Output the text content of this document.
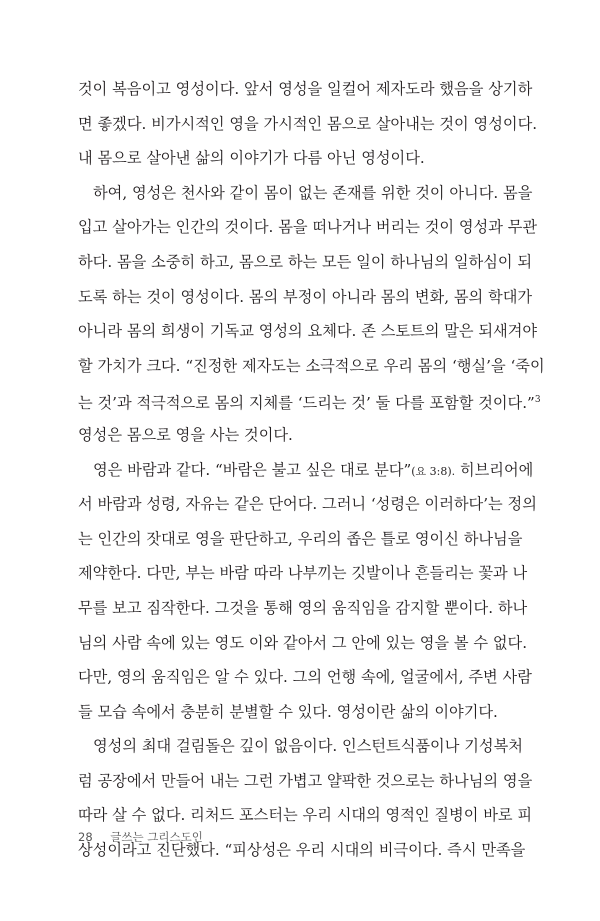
것이 복음이고 영성이다. 앞서 영성을 일컬어 제자도라 했음을 상기하
면 좋겠다. 비가시적인 영을 가시적인 몸으로 살아내는 것이 영성이다.
내 몸으로 살아낸 삶의 이야기가 다름 아닌 영성이다.
하여, 영성은 천사와 같이 몸이 없는 존재를 위한 것이 아니다. 몸을
입고 살아가는 인간의 것이다. 몸을 떠나거나 버리는 것이 영성과 무관
하다. 몸을 소중히 하고, 몸으로 하는 모든 일이 하나님의 일하심이 되
도록 하는 것이 영성이다. 몸의 부정이 아니라 몸의 변화, 몸의 학대가
아니라 몸의 희생이 기독교 영성의 요체다. 존 스토트의 말은 되새겨야
할 가치가 크다. “진정한 제자도는 소극적으로 우리 몸의 ‘행실’을 ‘죽이
는 것’과 적극적으로 몸의 지체를 ‘드리는 것’ 둘 다를 포함할 것이다.”$^3$
영성은 몸으로 영을 사는 것이다.
영은 바람과 같다. “바람은 불고 싶은 대로 분다”(요 3:8). 히브리어에
서 바람과 성령, 자유는 같은 단어다. 그러니 ‘성령은 이러하다’는 정의
는 인간의 잣대로 영을 판단하고, 우리의 좁은 틀로 영이신 하나님을
제약한다. 다만, 부는 바람 따라 나부끼는 깃발이나 흔들리는 꽃과 나
무를 보고 짐작한다. 그것을 통해 영의 움직임을 감지할 뿐이다. 하나
님의 사람 속에 있는 영도 이와 같아서 그 안에 있는 영을 볼 수 없다.
다만, 영의 움직임은 알 수 있다. 그의 언행 속에, 얼굴에서, 주변 사람
들 모습 속에서 충분히 분별할 수 있다. 영성이란 삶의 이야기다.
영성의 최대 걸림돌은 깊이 없음이다. 인스턴트식품이나 기성복처
럼 공장에서 만들어 내는 그런 가볍고 얄팍한 것으로는 하나님의 영을
따라 살 수 없다. 리처드 포스터는 우리 시대의 영적인 질병이 바로 피
상성이라고 진단했다. “피상성은 우리 시대의 비극이다. 즉시 만족을
28 글쓰는 그리스도인
